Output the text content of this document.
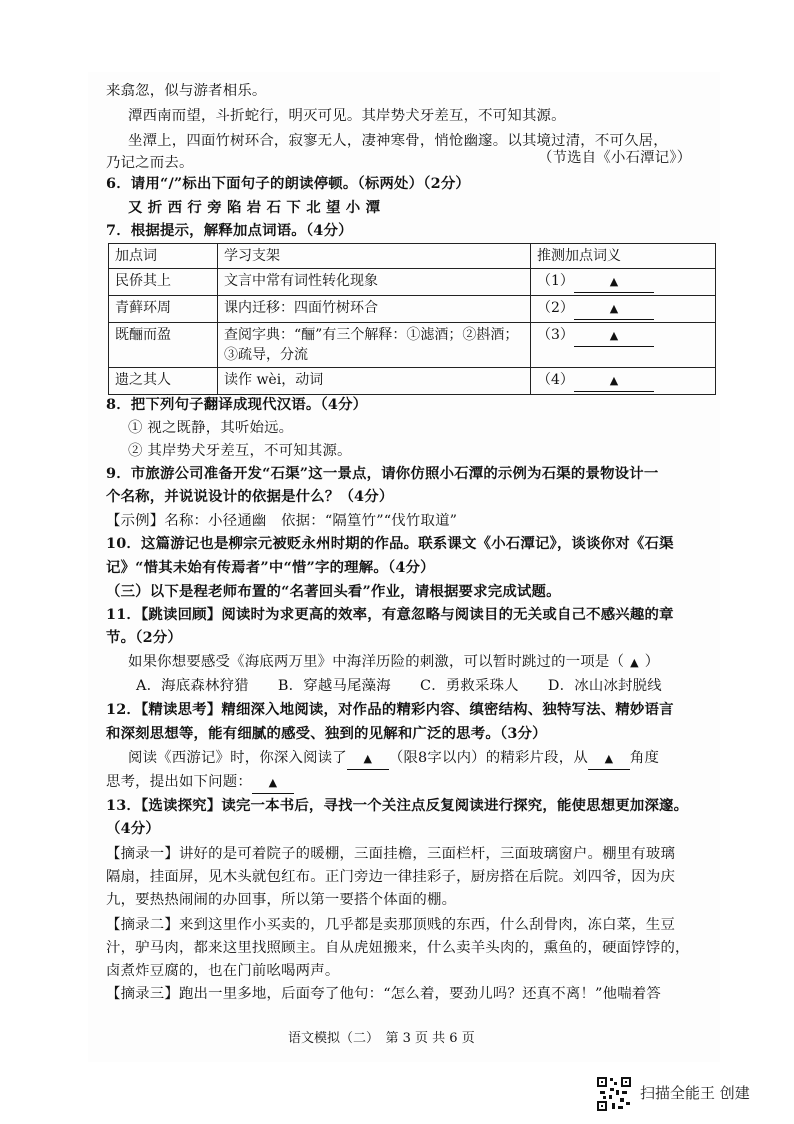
来翕忽，似与游者相乐。
潭西南而望，斗折蛇行，明灭可见。其岸势犬牙差互，不可知其源。
坐潭上，四面竹树环合，寂寥无人，凄神寒骨，悄怆幽邃。以其境过清，不可久居，
乃记之而去。	（节选自《小石潭记》）
6．请用“/”标出下面句子的朗读停顿。（标两处）（2分）
又 折 西 行 旁 陷 岩 石 下 北 望 小 潭
7．根据提示，解释加点词语。（4分）
加点词	学习支架	推测加点词义
民侨其上	文言中常有词性转化现象	（1） ▲
青藓环周	课内迁移：四面竹树环合	（2） ▲
既酾而盈	查阅字典：“酾”有三个解释：①滤酒；②斟酒；③疏导，分流	（3） ▲
遗之其人	读作 wèi，动词	（4） ▲
8．把下列句子翻译成现代汉语。（4分）
① 视之既静，其听始远。
② 其岸势犬牙差互，不可知其源。
9．市旅游公司准备开发“石渠”这一景点，请你仿照小石潭的示例为石渠的景物设计一
个名称，并说说设计的依据是什么？（4分）
【示例】名称：小径通幽　依据：“隔篁竹”“伐竹取道”
10．这篇游记也是柳宗元被贬永州时期的作品。联系课文《小石潭记》，谈谈你对《石渠
记》“惜其未始有传焉者”中“惜”字的理解。（4分）
（三）以下是程老师布置的“名著回头看”作业，请根据要求完成试题。
11．【跳读回顾】阅读时为求更高的效率，有意忽略与阅读目的无关或自己不感兴趣的章
节。（2分）
如果你想要感受《海底两万里》中海洋历险的刺激，可以暂时跳过的一项是（ ▲ ）
A．海底森林狩猎　　B．穿越马尾藻海　　C．勇救采珠人　　D．冰山冰封脱线
12．【精读思考】精细深入地阅读，对作品的精彩内容、缜密结构、独特写法、精妙语言
和深刻思想等，能有细腻的感受、独到的见解和广泛的思考。（3分）
阅读《西游记》时，你深入阅读了 ▲ （限8字以内）的精彩片段，从 ▲ 角度
思考，提出如下问题： ▲
13．【选读探究】读完一本书后，寻找一个关注点反复阅读进行探究，能使思想更加深邃。
（4分）
【摘录一】讲好的是可着院子的暖棚，三面挂檐，三面栏杆，三面玻璃窗户。棚里有玻璃
隔扇，挂面屏，见木头就包红布。正门旁边一律挂彩子，厨房搭在后院。刘四爷，因为庆
九，要热热闹闹的办回事，所以第一要搭个体面的棚。
【摘录二】来到这里作小买卖的，几乎都是卖那顶贱的东西，什么刮骨肉，冻白菜，生豆
汁，驴马肉，都来这里找照顾主。自从虎妞搬来，什么卖羊头肉的，熏鱼的，硬面饽饽的，
卤煮炸豆腐的，也在门前吆喝两声。
【摘录三】跑出一里多地，后面夸了他句：“怎么着，要劲儿吗？还真不离！”他喘着答
语文模拟（二）　第 3 页 共 6 页
扫描全能王 创建
